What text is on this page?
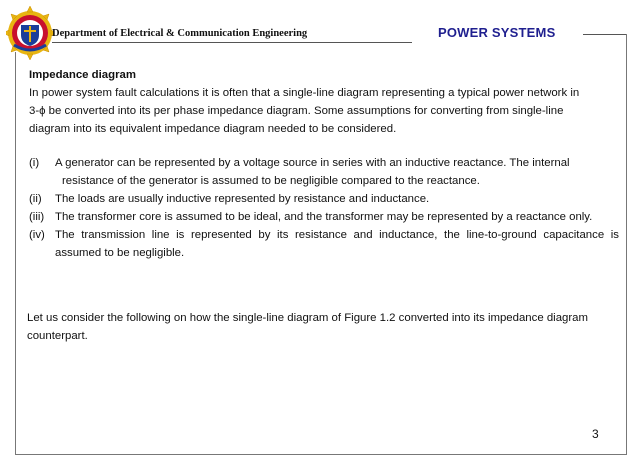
Department of Electrical & Communication Engineering	POWER SYSTEMS
Impedance diagram
In power system fault calculations it is often that a single-line diagram representing a typical power network in
3-ϕ be converted into its per phase impedance diagram. Some assumptions for converting from single-line
diagram into its equivalent impedance diagram needed to be considered.
(i)	A generator can be represented by a voltage source in series with an inductive reactance. The internal
resistance of the generator is assumed to be negligible compared to the reactance.
(ii)	The loads are usually inductive represented by resistance and inductance.
(iii) The transformer core is assumed to be ideal, and the transformer may be represented by a reactance only.
(iv) The transmission line is represented by its resistance and inductance, the line-to-ground capacitance is assumed to be negligible.
Let us consider the following on how the single-line diagram of Figure 1.2 converted into its impedance diagram counterpart.
3
